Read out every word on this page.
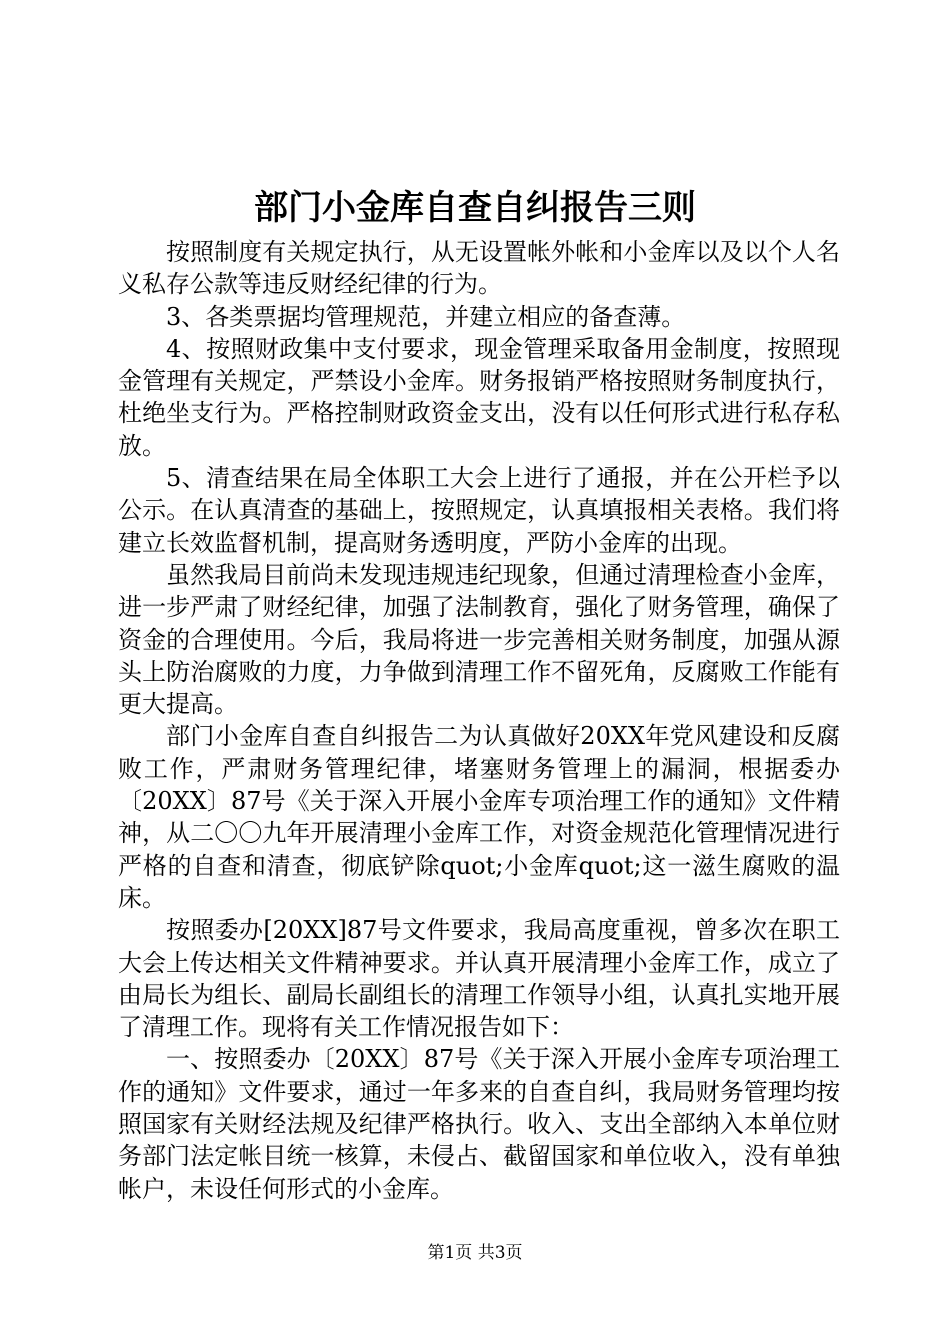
部门小金库自查自纠报告三则

按照制度有关规定执行，从无设置帐外帐和小金库以及以个人名义私存公款等违反财经纪律的行为。

3、各类票据均管理规范，并建立相应的备查薄。

4、按照财政集中支付要求，现金管理采取备用金制度，按照现金管理有关规定，严禁设小金库。财务报销严格按照财务制度执行，杜绝坐支行为。严格控制财政资金支出，没有以任何形式进行私存私放。

5、清查结果在局全体职工大会上进行了通报，并在公开栏予以公示。在认真清查的基础上，按照规定，认真填报相关表格。我们将建立长效监督机制，提高财务透明度，严防小金库的出现。

虽然我局目前尚未发现违规违纪现象，但通过清理检查小金库，进一步严肃了财经纪律，加强了法制教育，强化了财务管理，确保了资金的合理使用。今后，我局将进一步完善相关财务制度，加强从源头上防治腐败的力度，力争做到清理工作不留死角，反腐败工作能有更大提高。

部门小金库自查自纠报告二为认真做好20XX年党风建设和反腐败工作，严肃财务管理纪律，堵塞财务管理上的漏洞，根据委办〔20XX〕87号《关于深入开展小金库专项治理工作的通知》文件精神，从二〇〇九年开展清理小金库工作，对资金规范化管理情况进行严格的自查和清查，彻底铲除quot;小金库quot;这一滋生腐败的温床。

按照委办[20XX]87号文件要求，我局高度重视，曾多次在职工大会上传达相关文件精神要求。并认真开展清理小金库工作，成立了由局长为组长、副局长副组长的清理工作领导小组，认真扎实地开展了清理工作。现将有关工作情况报告如下：

一、按照委办〔20XX〕87号《关于深入开展小金库专项治理工作的通知》文件要求，通过一年多来的自查自纠，我局财务管理均按照国家有关财经法规及纪律严格执行。收入、支出全部纳入本单位财务部门法定帐目统一核算，未侵占、截留国家和单位收入，没有单独帐户，未设任何形式的小金库。

第1页 共3页
